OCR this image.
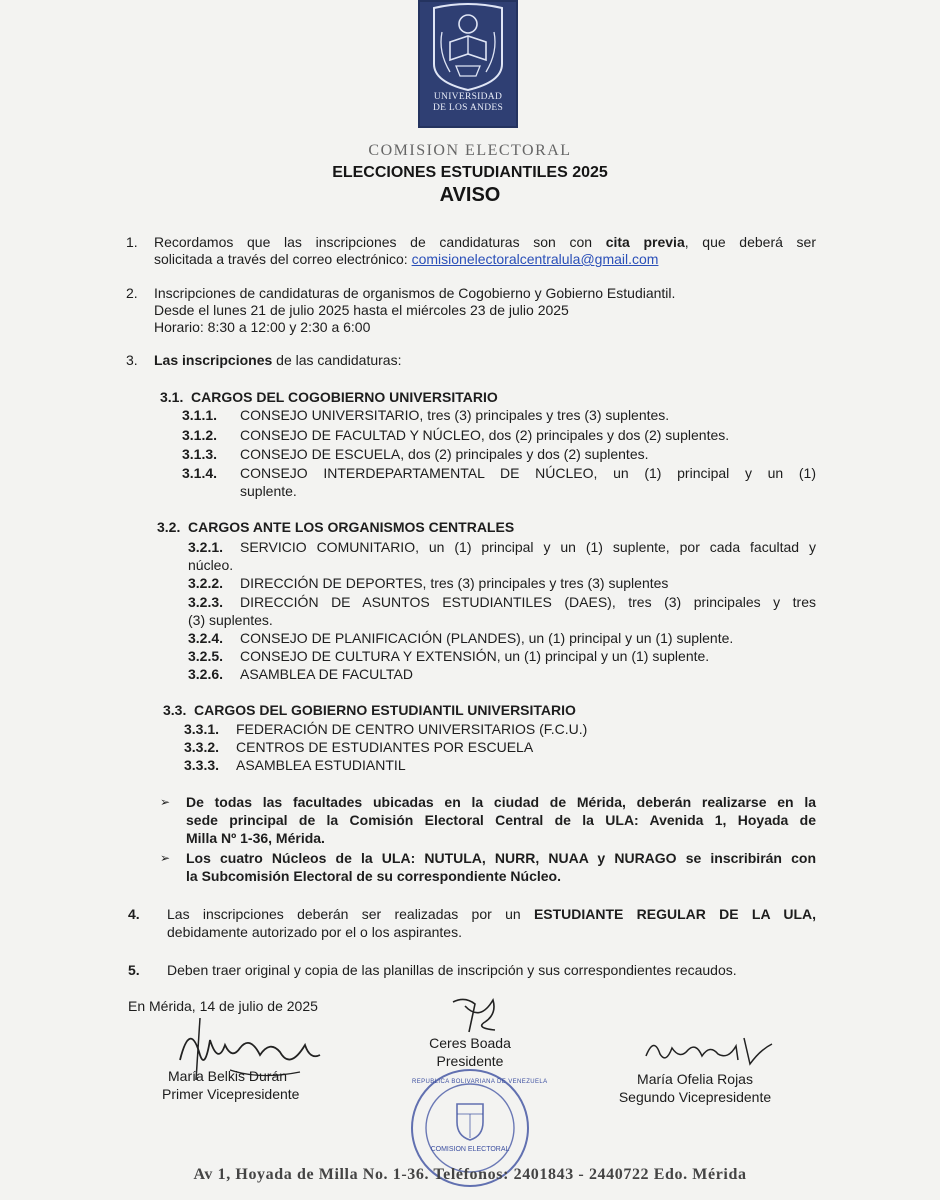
UNIVERSIDAD
DE LOS ANDES
COMISION ELECTORAL
ELECCIONES ESTUDIANTILES 2025
AVISO
1. Recordamos que las inscripciones de candidaturas son con cita previa, que deberá ser
solicitada a través del correo electrónico: comisionelectoralcentralula@gmail.com
2. Inscripciones de candidaturas de organismos de Cogobierno y Gobierno Estudiantil.
Desde el lunes 21 de julio 2025 hasta el miércoles 23 de julio 2025
Horario: 8:30 a 12:00 y 2:30 a 6:00
3. Las inscripciones de las candidaturas:
3.1. CARGOS DEL COGOBIERNO UNIVERSITARIO
3.1.1. CONSEJO UNIVERSITARIO, tres (3) principales y tres (3) suplentes.
3.1.2. CONSEJO DE FACULTAD Y NÚCLEO, dos (2) principales y dos (2) suplentes.
3.1.3. CONSEJO DE ESCUELA, dos (2) principales y dos (2) suplentes.
3.1.4. CONSEJO INTERDEPARTAMENTAL DE NÚCLEO, un (1) principal y un (1)
suplente.
3.2. CARGOS ANTE LOS ORGANISMOS CENTRALES
3.2.1. SERVICIO COMUNITARIO, un (1) principal y un (1) suplente, por cada facultad y
núcleo.
3.2.2. DIRECCIÓN DE DEPORTES, tres (3) principales y tres (3) suplentes
3.2.3. DIRECCIÓN DE ASUNTOS ESTUDIANTILES (DAES), tres (3) principales y tres
(3) suplentes.
3.2.4. CONSEJO DE PLANIFICACIÓN (PLANDES), un (1) principal y un (1) suplente.
3.2.5. CONSEJO DE CULTURA Y EXTENSIÓN, un (1) principal y un (1) suplente.
3.2.6. ASAMBLEA DE FACULTAD
3.3. CARGOS DEL GOBIERNO ESTUDIANTIL UNIVERSITARIO
3.3.1. FEDERACIÓN DE CENTRO UNIVERSITARIOS (F.C.U.)
3.3.2. CENTROS DE ESTUDIANTES POR ESCUELA
3.3.3. ASAMBLEA ESTUDIANTIL
➢ De todas las facultades ubicadas en la ciudad de Mérida, deberán realizarse en la
sede principal de la Comisión Electoral Central de la ULA: Avenida 1, Hoyada de
Milla Nº 1-36, Mérida.
➢ Los cuatro Núcleos de la ULA: NUTULA, NURR, NUAA y NURAGO se inscribirán con
la Subcomisión Electoral de su correspondiente Núcleo.
4. Las inscripciones deberán ser realizadas por un ESTUDIANTE REGULAR DE LA ULA,
debidamente autorizado por el o los aspirantes.
5. Deben traer original y copia de las planillas de inscripción y sus correspondientes recaudos.
En Mérida, 14 de julio de 2025
María Belkis Durán
Primer Vicepresidente
Ceres Boada
Presidente
María Ofelia Rojas
Segundo Vicepresidente
REPUBLICA BOLIVARIANA DE VENEZUELA
COMISION ELECTORAL
Av 1, Hoyada de Milla No. 1-36. Teléfonos: 2401843 - 2440722 Edo. Mérida
